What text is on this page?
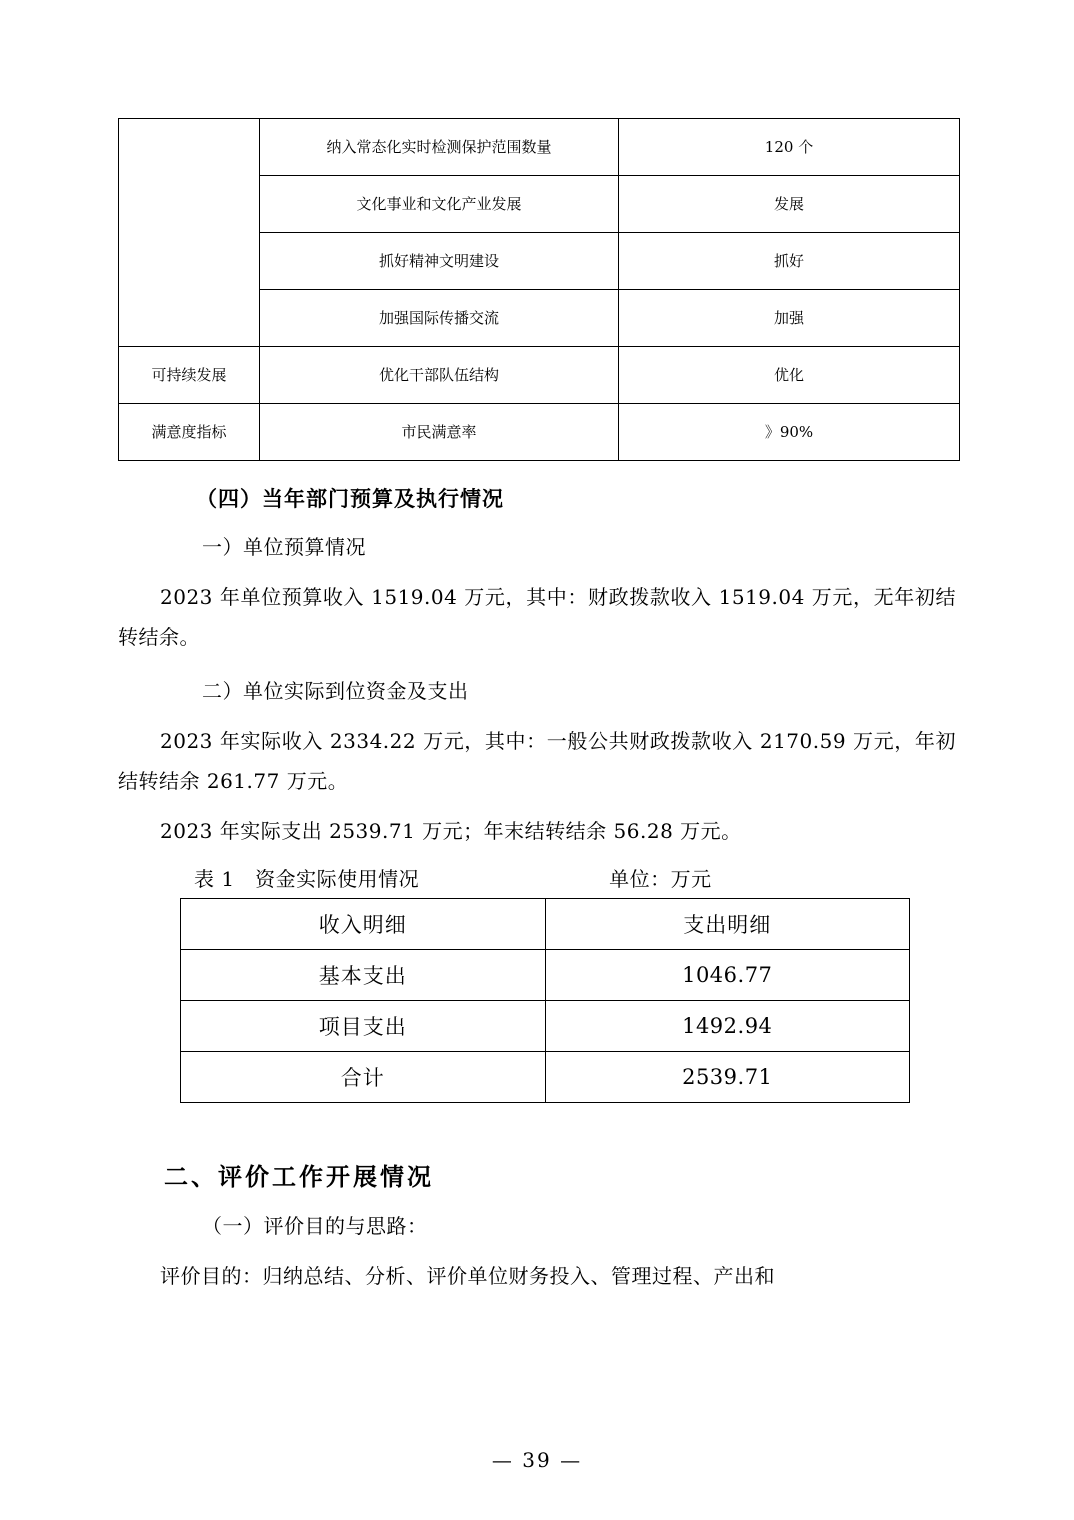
	纳入常态化实时检测保护范围数量	120 个
	文化事业和文化产业发展	发展
	抓好精神文明建设	抓好
	加强国际传播交流	加强
可持续发展	优化干部队伍结构	优化
满意度指标	市民满意率	》90%

（四）当年部门预算及执行情况

一）单位预算情况

2023 年单位预算收入 1519.04 万元，其中：财政拨款收入 1519.04 万元，无年初结转结余。

二）单位实际到位资金及支出

2023 年实际收入 2334.22 万元，其中：一般公共财政拨款收入 2170.59 万元，年初结转结余 261.77 万元。

2023 年实际支出 2539.71 万元；年末结转结余 56.28 万元。

表 1　资金实际使用情况	单位：万元
收入明细	支出明细
基本支出	1046.77
项目支出	1492.94
合计	2539.71

二、评价工作开展情况

（一）评价目的与思路：

评价目的：归纳总结、分析、评价单位财务投入、管理过程、产出和

— 39 —
